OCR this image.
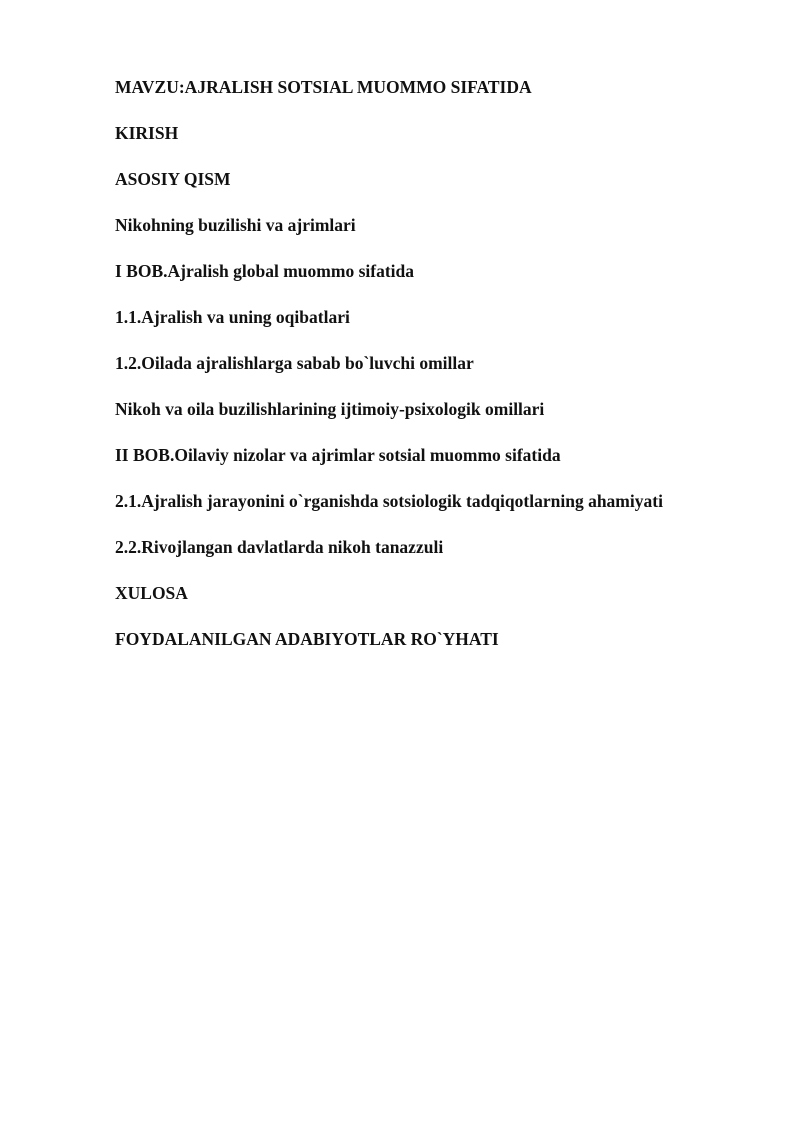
MAVZU:AJRALISH SOTSIAL MUOMMO SIFATIDA

KIRISH

ASOSIY QISM

Nikohning buzilishi va ajrimlari

I BOB.Ajralish global muommo sifatida

1.1.Ajralish va uning oqibatlari

1.2.Oilada ajralishlarga sabab bo`luvchi omillar

Nikoh va oila buzilishlarining ijtimoiy-psixologik omillari

II BOB.Oilaviy nizolar va ajrimlar sotsial muommo sifatida

2.1.Ajralish jarayonini o`rganishda sotsiologik tadqiqotlarning ahamiyati

2.2.Rivojlangan davlatlarda nikoh tanazzuli

XULOSA

FOYDALANILGAN ADABIYOTLAR RO`YHATI
